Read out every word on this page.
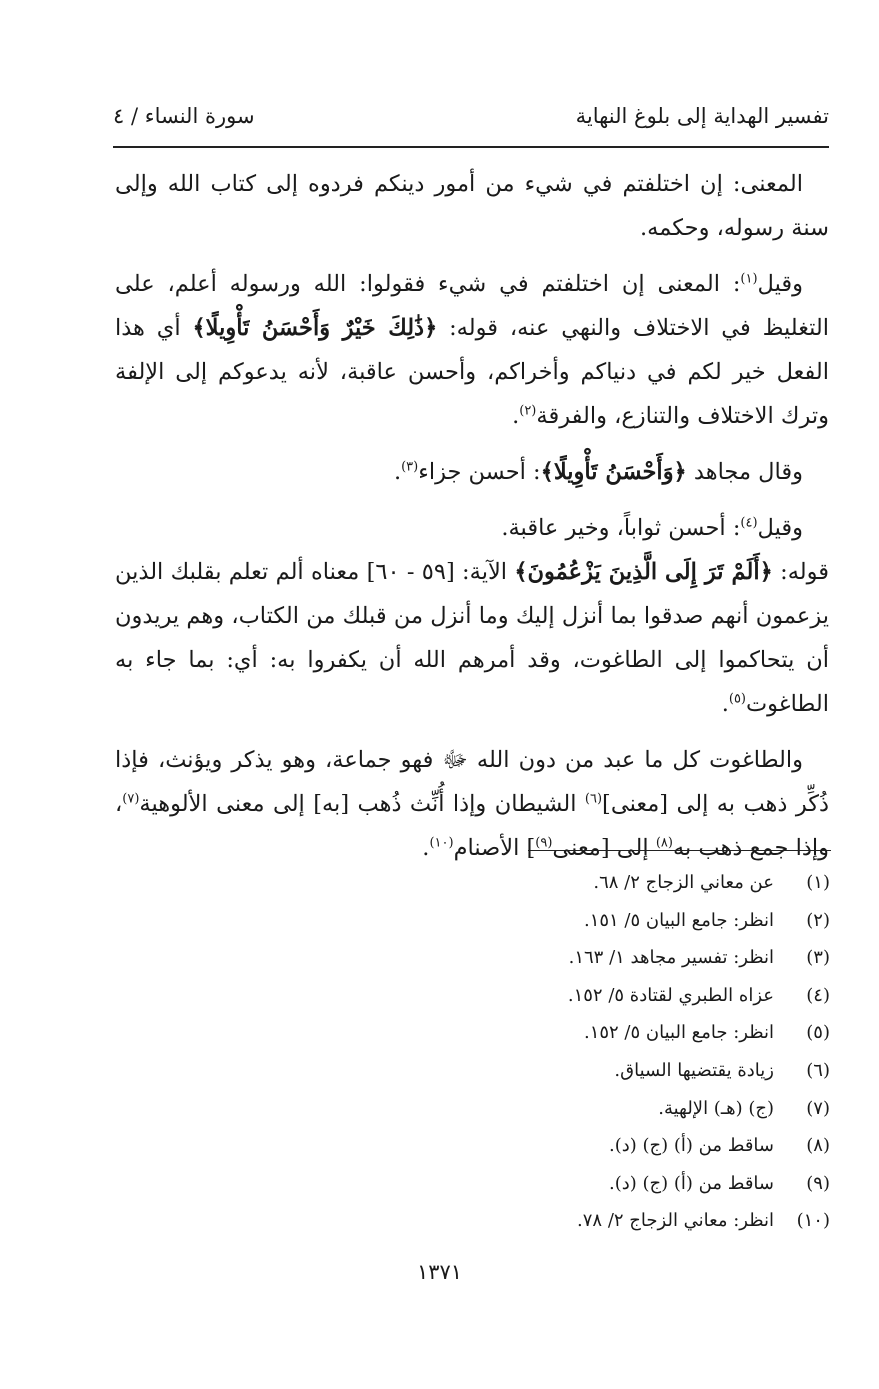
تفسير الهداية إلى بلوغ النهاية
سورة النساء / ٤

المعنى: إن اختلفتم في شيء من أمور دينكم فردوه إلى كتاب الله وإلى سنة رسوله، وحكمه.

وقيل$^{(١)}$: المعنى إن اختلفتم في شيء فقولوا: الله ورسوله أعلم، على التغليظ في الاختلاف والنهي عنه، قوله: ﴿ذَٰلِكَ خَيْرٌ وَأَحْسَنُ تَأْوِيلًا﴾ أي هذا الفعل خير لكم في دنياكم وأخراكم، وأحسن عاقبة، لأنه يدعوكم إلى الإلفة وترك الاختلاف والتنازع، والفرقة$^{(٢)}$.

وقال مجاهد ﴿وَأَحْسَنُ تَأْوِيلًا﴾: أحسن جزاء$^{(٣)}$.

وقيل$^{(٤)}$: أحسن ثواباً، وخير عاقبة.

قوله: ﴿أَلَمْ تَرَ إِلَى الَّذِينَ يَزْعُمُونَ﴾ الآية: [٥٩ - ٦٠] معناه ألم تعلم بقلبك الذين يزعمون أنهم صدقوا بما أنزل إليك وما أنزل من قبلك من الكتاب، وهم يريدون أن يتحاكموا إلى الطاغوت، وقد أمرهم الله أن يكفروا به: أي: بما جاء به الطاغوت$^{(٥)}$.

والطاغوت كل ما عبد من دون الله ﷻ فهو جماعة، وهو يذكر ويؤنث، فإذا ذُكِّر ذهب به إلى [معنى]$^{(٦)}$ الشيطان وإذا أُنِّث ذُهب [به] إلى معنى الألوهية$^{(٧)}$، وإذا جمع ذهب به$^{(٨)}$ إلى [معنى$^{(٩)}$] الأصنام$^{(١٠)}$.

(١)
عن معاني الزجاج ٢/ ٦٨.
(٢)
انظر: جامع البيان ٥/ ١٥١.
(٣)
انظر: تفسير مجاهد ١/ ١٦٣.
(٤)
عزاه الطبري لقتادة ٥/ ١٥٢.
(٥)
انظر: جامع البيان ٥/ ١٥٢.
(٦)
زيادة يقتضيها السياق.
(٧)
(ج) (هـ) الإلهية.
(٨)
ساقط من (أ) (ج) (د).
(٩)
ساقط من (أ) (ج) (د).
(١٠)
انظر: معاني الزجاج ٢/ ٧٨.
١٣٧١
